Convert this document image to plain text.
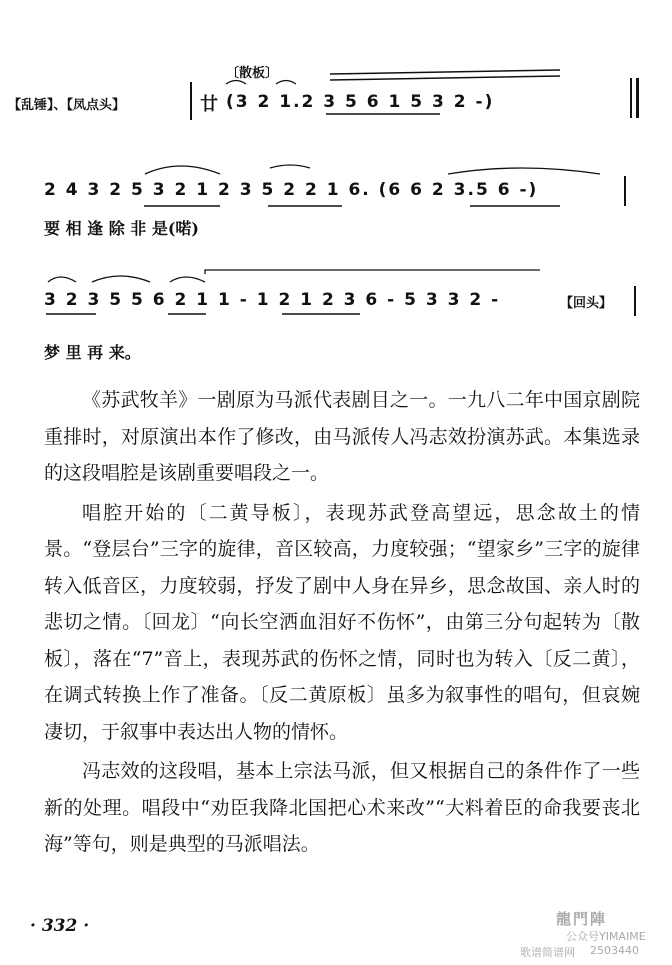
〔散板〕
【乱锤】、【凤点头】	廿 (3 2 1.2 3 5 6 1 5 3 2 -)
2 4 3 2 5 3 2 1 2 3 5 2 2 1 6. (6 6 2 3.5 6 -)
要 相 逢 除 非 是(喏)
3 2 3 5 5 6 2 1 1 - 1 2 1 2 3 6 - 5 3 3 2 -	【回头】
梦 里 再 来。

《苏武牧羊》一剧原为马派代表剧目之一。一九八二年中国京剧院重排时，对原演出本作了修改，由马派传人冯志效扮演苏武。本集选录的这段唱腔是该剧重要唱段之一。

唱腔开始的〔二黄导板〕，表现苏武登高望远，思念故土的情景。“登层台”三字的旋律，音区较高，力度较强；“望家乡”三字的旋律转入低音区，力度较弱，抒发了剧中人身在异乡，思念故国、亲人时的悲切之情。〔回龙〕“向长空洒血泪好不伤怀”，由第三分句起转为〔散板〕，落在“7”音上，表现苏武的伤怀之情，同时也为转入〔反二黄〕，在调式转换上作了准备。〔反二黄原板〕虽多为叙事性的唱句，但哀婉凄切，于叙事中表达出人物的情怀。

冯志效的这段唱，基本上宗法马派，但又根据自己的条件作了一些新的处理。唱段中“劝臣我降北国把心术来改”“大料着臣的命我要丧北海”等句，则是典型的马派唱法。

· 332 ·	龍門陣
公众号YIMAIME
歌谱简谱网 2503440
